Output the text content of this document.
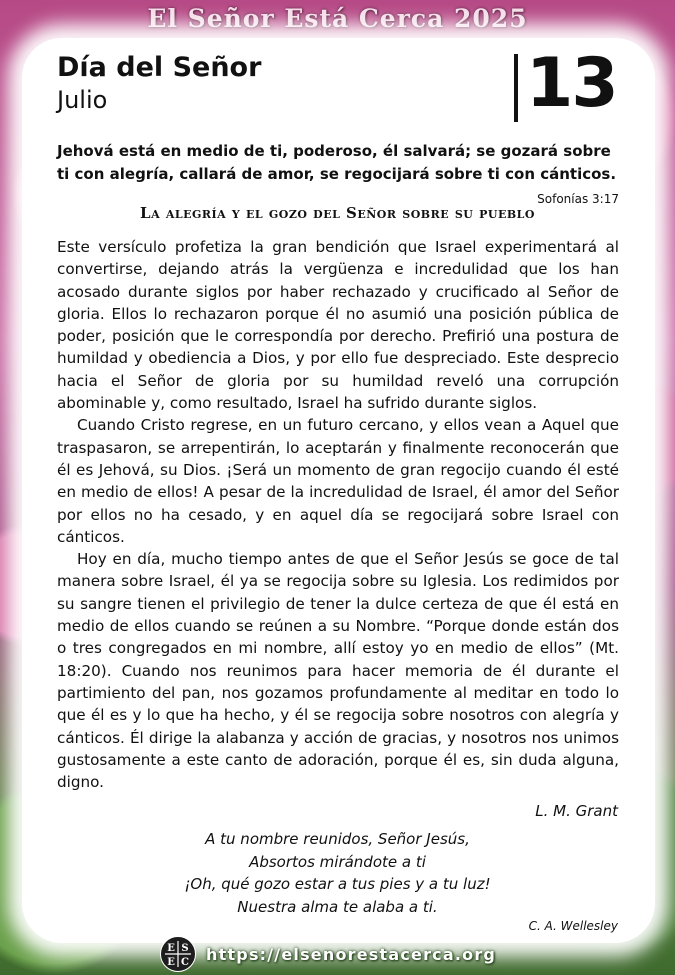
El Señor Está Cerca 2025
Día del Señor
Julio	13
Jehová está en medio de ti, poderoso, él salvará; se gozará sobre ti con alegría, callará de amor, se regocijará sobre ti con cánticos.
Sofonías 3:17
La alegría y el gozo del Señor sobre su pueblo

Este versículo profetiza la gran bendición que Israel experimentará al convertirse, dejando atrás la vergüenza e incredulidad que los han acosado durante siglos por haber rechazado y crucificado al Señor de gloria. Ellos lo rechazaron porque él no asumió una posición pública de poder, posición que le correspondía por derecho. Prefirió una postura de humildad y obediencia a Dios, y por ello fue despreciado. Este desprecio hacia el Señor de gloria por su humildad reveló una corrupción abominable y, como resultado, Israel ha sufrido durante siglos.

Cuando Cristo regrese, en un futuro cercano, y ellos vean a Aquel que traspasaron, se arrepentirán, lo aceptarán y finalmente reconocerán que él es Jehová, su Dios. ¡Será un momento de gran regocijo cuando él esté en medio de ellos! A pesar de la incredulidad de Israel, él amor del Señor por ellos no ha cesado, y en aquel día se regocijará sobre Israel con cánticos.

Hoy en día, mucho tiempo antes de que el Señor Jesús se goce de tal manera sobre Israel, él ya se regocija sobre su Iglesia. Los redimidos por su sangre tienen el privilegio de tener la dulce certeza de que él está en medio de ellos cuando se reúnen a su Nombre. “Porque donde están dos o tres congregados en mi nombre, allí estoy yo en medio de ellos” (Mt. 18:20). Cuando nos reunimos para hacer memoria de él durante el partimiento del pan, nos gozamos profundamente al meditar en todo lo que él es y lo que ha hecho, y él se regocija sobre nosotros con alegría y cánticos. Él dirige la alabanza y acción de gracias, y nosotros nos unimos gustosamente a este canto de adoración, porque él es, sin duda alguna, digno.

L. M. Grant
A tu nombre reunidos, Señor Jesús,
Absortos mirándote a ti
¡Oh, qué gozo estar a tus pies y a tu luz!
Nuestra alma te alaba a ti.
C. A. Wellesley
E S
E C https://elsenorestacerca.org
